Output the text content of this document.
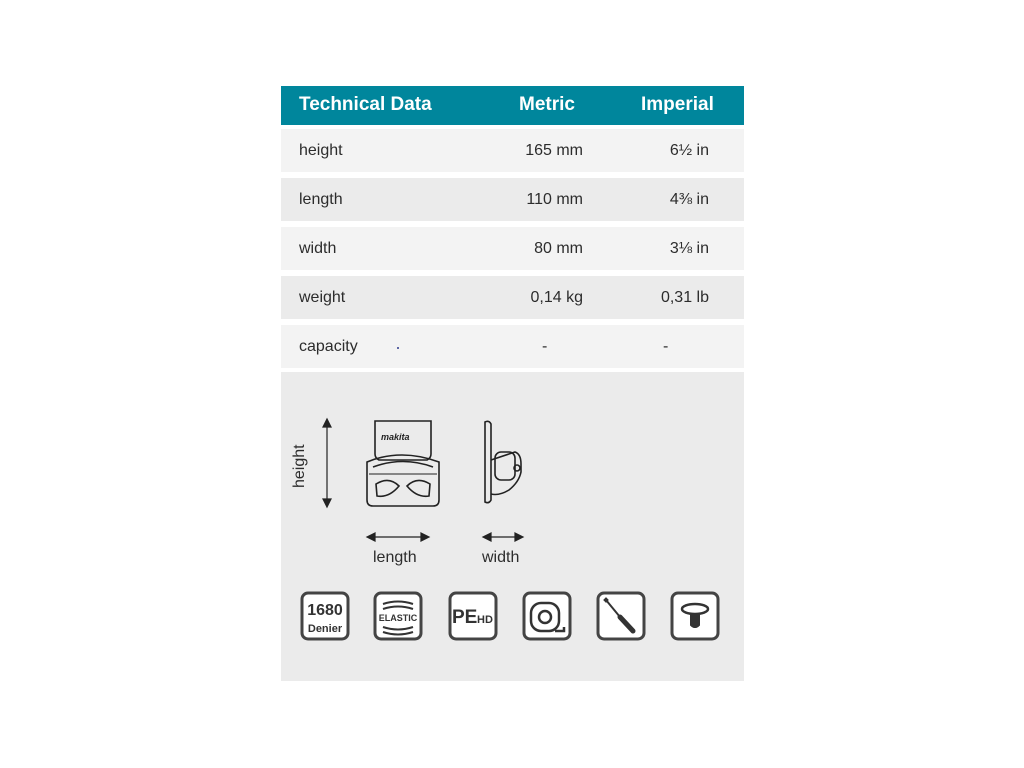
Technical Data	Metric	Imperial
height	165 mm	6½ in
length	110 mm	4⅜ in
width	80 mm	3⅛ in
weight	0,14 kg	0,31 lb
capacity	-	-
makita
height
length	width
1680
Denier
ELASTIC PE HD
